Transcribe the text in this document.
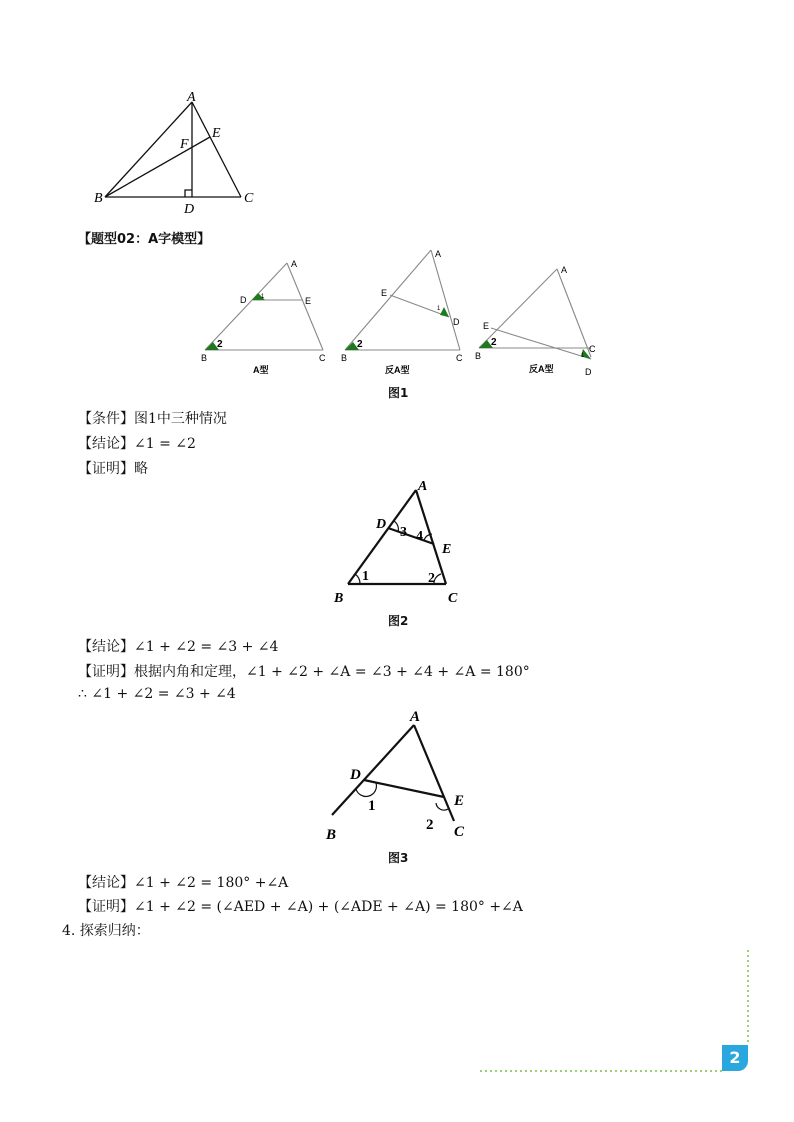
A
E
F
B
D
C
【题型02：A字模型】
A
D	E
B	C
1
2
A型
A
E
D
B	C
1
2
反A型
A
E
B
C
D
1
2
反A型
图1
【条件】图1中三种情况
【结论】∠1 = ∠2
【证明】略
A
D
E
B	C
1	2
3 4
图2
【结论】∠1 + ∠2 = ∠3 + ∠4
【证明】根据内角和定理，∠1 + ∠2 + ∠A = ∠3 + ∠4 + ∠A = 180°
∴ ∠1 + ∠2 = ∠3 + ∠4
A
D
E
B	C
1
2
图3
【结论】∠1 + ∠2 = 180° +∠A
【证明】∠1 + ∠2 = (∠AED + ∠A) + (∠ADE + ∠A) = 180° +∠A
4. 探索归纳：
2
